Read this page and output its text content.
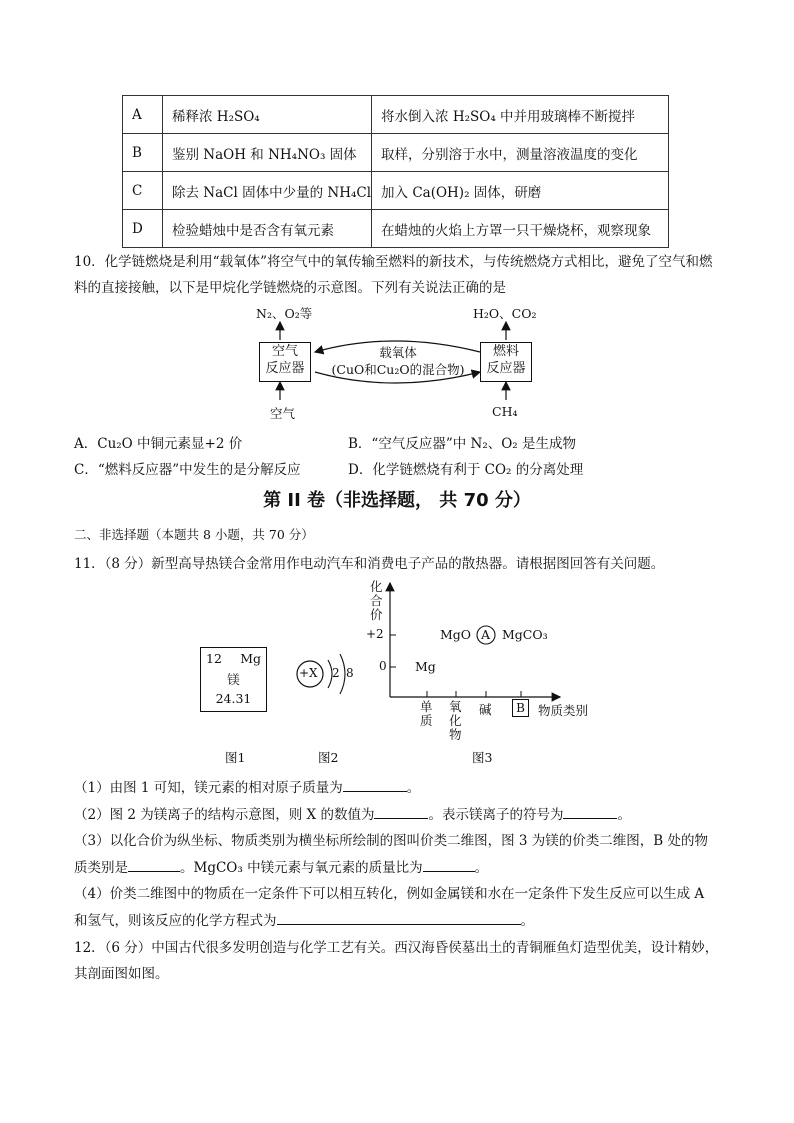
A	稀释浓 H₂SO₄	将水倒入浓 H₂SO₄ 中并用玻璃棒不断搅拌
B	鉴别 NaOH 和 NH₄NO₃ 固体	取样，分别溶于水中，测量溶液温度的变化
C	除去 NaCl 固体中少量的 NH₄Cl	加入 Ca(OH)₂ 固体，研磨
D	检验蜡烛中是否含有氧元素	在蜡烛的火焰上方罩一只干燥烧杯，观察现象
10．化学链燃烧是利用“载氧体”将空气中的氧传输至燃料的新技术，与传统燃烧方式相比，避免了空气和燃
料的直接接触，以下是甲烷化学链燃烧的示意图。下列有关说法正确的是
N₂、O₂等	H₂O、CO₂
空气
反应器
燃料
反应器
载氧体
(CuO和Cu₂O的混合物)
空气	CH₄
A．Cu₂O 中铜元素显+2 价	B．“空气反应器”中 N₂、O₂ 是生成物
C．“燃料反应器”中发生的是分解反应	D．化学链燃烧有利于 CO₂ 的分离处理
第 II 卷（非选择题， 共 70 分）
二、非选择题（本题共 8 小题，共 70 分）
11．（8 分）新型高导热镁合金常用作电动汽车和消费电子产品的散热器。请根据图回答有关问题。
12 Mg
镁
24.31
图1
+X 2 8
图2
化
合
价
+2
0
MgO A MgCO₃
Mg
单
质
氧
化
物
碱	B	物质类别
图3
（1）由图 1 可知，镁元素的相对原子质量为	。
（2）图 2 为镁离子的结构示意图，则 X 的数值为	。表示镁离子的符号为	。
（3）以化合价为纵坐标、物质类别为横坐标所绘制的图叫价类二维图，图 3 为镁的价类二维图，B 处的物
质类别是	。MgCO₃ 中镁元素与氧元素的质量比为	。
（4）价类二维图中的物质在一定条件下可以相互转化，例如金属镁和水在一定条件下发生反应可以生成 A
和氢气，则该反应的化学方程式为	。
12．（6 分）中国古代很多发明创造与化学工艺有关。西汉海昏侯墓出土的青铜雁鱼灯造型优美，设计精妙，
其剖面图如图。
